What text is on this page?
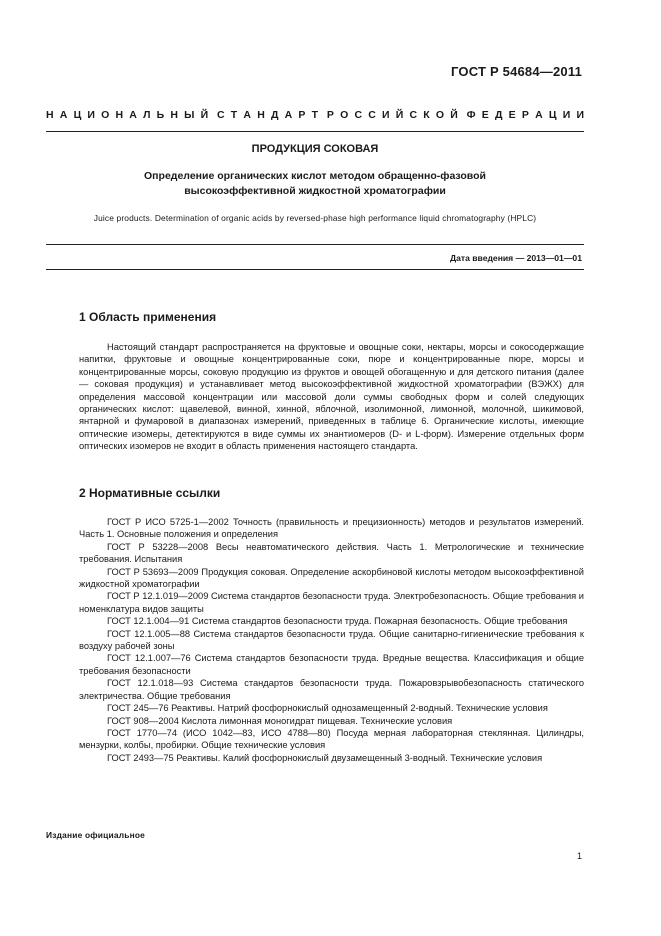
ГОСТ Р 54684—2011
Н А Ц И О Н А Л Ь Н Ы Й С Т А Н Д А Р Т Р О С С И Й С К О Й Ф Е Д Е Р А Ц И И
ПРОДУКЦИЯ СОКОВАЯ
Определение органических кислот методом обращенно-фазовой высокоэффективной жидкостной хроматографии
Juice products. Determination of organic acids by reversed-phase high performance liquid chromatography (HPLC)
Дата введения — 2013—01—01
1 Область применения
Настоящий стандарт распространяется на фруктовые и овощные соки, нектары, морсы и сокосодержащие напитки, фруктовые и овощные концентрированные соки, пюре и концентрированные пюре, морсы и концентрированные морсы, соковую продукцию из фруктов и овощей обогащенную и для детского питания (далее — соковая продукция) и устанавливает метод высокоэффективной жидкостной хроматографии (ВЭЖХ) для определения массовой концентрации или массовой доли суммы свободных форм и солей следующих органических кислот: щавелевой, винной, хинной, яблочной, изолимонной, лимонной, молочной, шикимовой, янтарной и фумаровой в диапазонах измерений, приведенных в таблице 6. Органические кислоты, имеющие оптические изомеры, детектируются в виде суммы их энантиомеров (D- и L-форм). Измерение отдельных форм оптических изомеров не входит в область применения настоящего стандарта.
2 Нормативные ссылки

ГОСТ Р ИСО 5725-1—2002 Точность (правильность и прецизионность) методов и результатов измерений. Часть 1. Основные положения и определения

ГОСТ Р 53228—2008 Весы неавтоматического действия. Часть 1. Метрологические и технические требования. Испытания

ГОСТ Р 53693—2009 Продукция соковая. Определение аскорбиновой кислоты методом высокоэффективной жидкостной хроматографии

ГОСТ Р 12.1.019—2009 Система стандартов безопасности труда. Электробезопасность. Общие требования и номенклатура видов защиты

ГОСТ 12.1.004—91 Система стандартов безопасности труда. Пожарная безопасность. Общие требования

ГОСТ 12.1.005—88 Система стандартов безопасности труда. Общие санитарно-гигиенические требования к воздуху рабочей зоны

ГОСТ 12.1.007—76 Система стандартов безопасности труда. Вредные вещества. Классификация и общие требования безопасности

ГОСТ 12.1.018—93 Система стандартов безопасности труда. Пожаровзрывобезопасность статического электричества. Общие требования

ГОСТ 245—76 Реактивы. Натрий фосфорнокислый однозамещенный 2-водный. Технические условия

ГОСТ 908—2004 Кислота лимонная моногидрат пищевая. Технические условия

ГОСТ 1770—74 (ИСО 1042—83, ИСО 4788—80) Посуда мерная лабораторная стеклянная. Цилиндры, мензурки, колбы, пробирки. Общие технические условия

ГОСТ 2493—75 Реактивы. Калий фосфорнокислый двузамещенный 3-водный. Технические условия

Издание официальное
1
